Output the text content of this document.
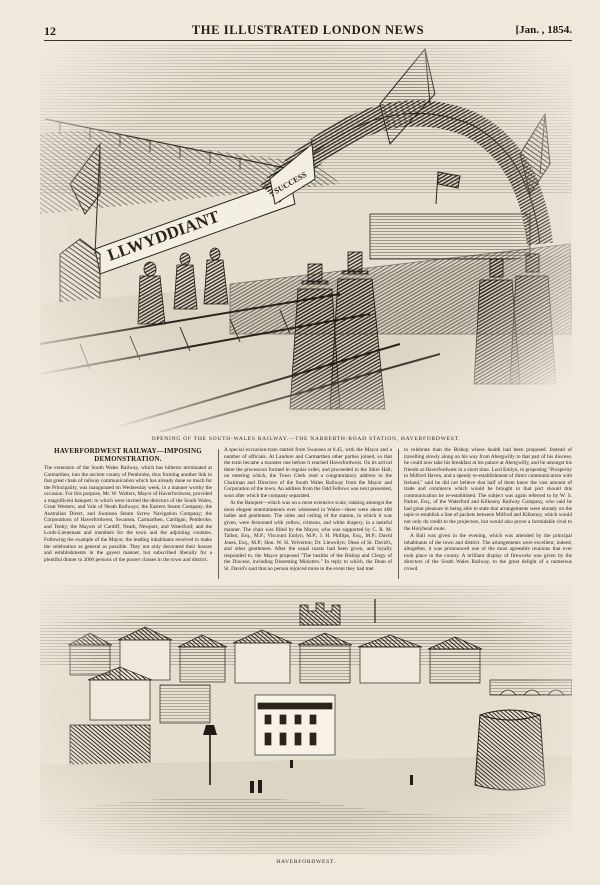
12	THE ILLUSTRATED LONDON NEWS	[Jan. , 1854.
OPENING OF THE SOUTH-WALES RAILWAY.—THE NARBERTH-ROAD STATION, HAVERFORDWEST.
HAVERFORDWEST RAILWAY—IMPOSING DEMONSTRATION.

The extension of the South Wales Railway, which has hitherto terminated at Carmarthen, into the ancient county of Pembroke, thus forming another link in that great chain of railway communication which has already done so much for the Principality, was inaugurated on Wednesday week, in a manner worthy the occasion. For this purpose, Mr. W. Walters, Mayor of Haverfordwest, provided a magnificent banquet; to which were invited the directors of the South Wales, Great Western, and Vale of Neath Railways; the Eastern Steam Company, the Australian Direct, and Swansea Steam Screw Navigation Company; the Corporations of Haverfordwest, Swansea, Carmarthen, Cardigan, Pembroke, and Tenby; the Mayors of Cardiff, Neath, Newport, and Waterford; and the Lords-Lieutenant and members for the town and the adjoining counties. Following the example of the Mayor, the leading inhabitants resolved to make the celebration as general as possible. They not only decorated their houses and establishments in the gayest manner, but subscribed liberally for a plentiful dinner to 2000 persons of the poorer classes in the town and district.

A special excursion-train started from Swansea at 8.45, with the Mayor and a number of officials. At Landore and Carmarthen other parties joined, so that the train became a monster one before it reached Haverfordwest. On its arrival there the procession formed in regular order, and proceeded to the Shire Hall; on entering which, the Town Clerk read a congratulatory address to the Chairman and Directors of the South Wales Railway from the Mayor and Corporation of the town. An address from the Odd Fellows was next presented, soon after which the company separated.

At the Banquet—which was on a most extensive scale, ranking amongst the most elegant entertainments ever witnessed in Wales—there were about 400 ladies and gentlemen. The sides and ceiling of the station, in which it was given, were festooned with yellow, crimson, and white drapery, in a tasteful manner. The chair was filled by the Mayor, who was supported by C. R. M. Talbot, Esq., M.P.; Viscount Emlyn, M.P.; J. H. Phillips, Esq., M.P.; David Jones, Esq., M.P.; Hon. W. H. Yelverton; Dr. Llewellyn; Dean of St. David's, and other gentlemen. After the usual toasts had been given, and loyally responded to, the Mayor proposed "The healths of the Bishop and Clergy of the Diocese, including Dissenting Ministers." In reply to which, the Dean of St. David's said that no person rejoiced more in the event they had met

to celebrate than the Bishop whose health had been proposed. Instead of travelling slowly along on his way from Abergwilly to that part of his diocese, he could now take his breakfast at his palace at Abergwilly, and be amongst his friends at Haverfordwest in a short time. Lord Emlyn, in proposing "Prosperity to Milford Haven, and a speedy re-establishment of direct communication with Ireland," said he did not believe that half of them knew the vast amount of trade and commerce which would be brought to that port should this communication be re-established. The subject was again referred to by W. S. Parker, Esq., of the Waterford and Kilkenny Railway Company, who said he had great pleasure in being able to state that arrangements were already on the tapis to establish a line of packets between Milford and Kilkenny, which would not only do credit to the projectors, but would also prove a formidable rival to the Holyhead route.

A Ball was given in the evening, which was attended by the principal inhabitants of the town and district. The arrangements were excellent; indeed, altogether, it was pronounced one of the most agreeable reunions that ever took place in the county. A brilliant display of fireworks was given by the directors of the South Wales Railway, to the great delight of a numerous crowd.

HAVERFORDWEST.
